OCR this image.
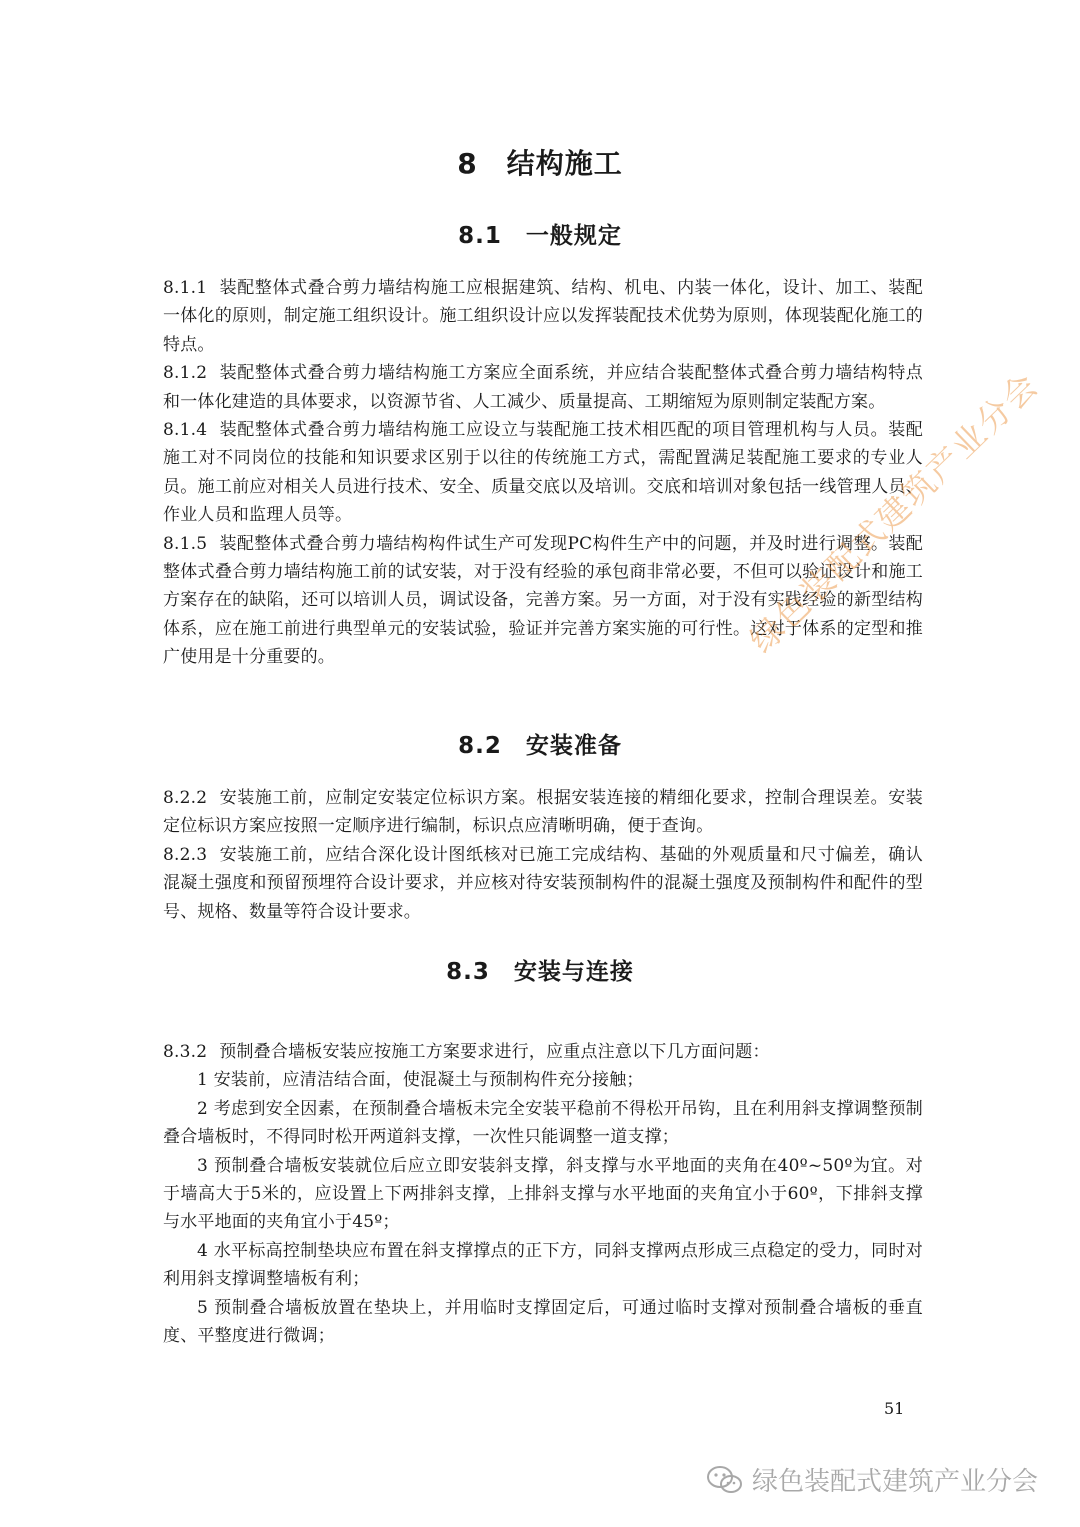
8　结构施工
8.1　一般规定

8.1.1 装配整体式叠合剪力墙结构施工应根据建筑、结构、机电、内装一体化，设计、加工、装配一体化的原则，制定施工组织设计。施工组织设计应以发挥装配技术优势为原则，体现装配化施工的特点。

8.1.2 装配整体式叠合剪力墙结构施工方案应全面系统，并应结合装配整体式叠合剪力墙结构特点和一体化建造的具体要求，以资源节省、人工减少、质量提高、工期缩短为原则制定装配方案。

8.1.4 装配整体式叠合剪力墙结构施工应设立与装配施工技术相匹配的项目管理机构与人员。装配施工对不同岗位的技能和知识要求区别于以往的传统施工方式，需配置满足装配施工要求的专业人员。施工前应对相关人员进行技术、安全、质量交底以及培训。交底和培训对象包括一线管理人员、作业人员和监理人员等。

8.1.5 装配整体式叠合剪力墙结构构件试生产可发现PC构件生产中的问题，并及时进行调整。装配整体式叠合剪力墙结构施工前的试安装，对于没有经验的承包商非常必要，不但可以验证设计和施工方案存在的缺陷，还可以培训人员，调试设备，完善方案。另一方面，对于没有实践经验的新型结构体系，应在施工前进行典型单元的安装试验，验证并完善方案实施的可行性。这对于体系的定型和推广使用是十分重要的。

8.2　安装准备

8.2.2 安装施工前，应制定安装定位标识方案。根据安装连接的精细化要求，控制合理误差。安装定位标识方案应按照一定顺序进行编制，标识点应清晰明确，便于查询。

8.2.3 安装施工前，应结合深化设计图纸核对已施工完成结构、基础的外观质量和尺寸偏差，确认混凝土强度和预留预埋符合设计要求，并应核对待安装预制构件的混凝土强度及预制构件和配件的型号、规格、数量等符合设计要求。

8.3　安装与连接

8.3.2 预制叠合墙板安装应按施工方案要求进行，应重点注意以下几方面问题：

1 安装前，应清洁结合面，使混凝土与预制构件充分接触；

2 考虑到安全因素，在预制叠合墙板未完全安装平稳前不得松开吊钩，且在利用斜支撑调整预制叠合墙板时，不得同时松开两道斜支撑，一次性只能调整一道支撑；

3 预制叠合墙板安装就位后应立即安装斜支撑，斜支撑与水平地面的夹角在40º~50º为宜。对于墙高大于5米的，应设置上下两排斜支撑，上排斜支撑与水平地面的夹角宜小于60º，下排斜支撑与水平地面的夹角宜小于45º；

4 水平标高控制垫块应布置在斜支撑撑点的正下方，同斜支撑两点形成三点稳定的受力，同时对利用斜支撑调整墙板有利；

5 预制叠合墙板放置在垫块上，并用临时支撑固定后，可通过临时支撑对预制叠合墙板的垂直度、平整度进行微调；

51
绿色装配式建筑产业分会
绿色装配式建筑产业分会
